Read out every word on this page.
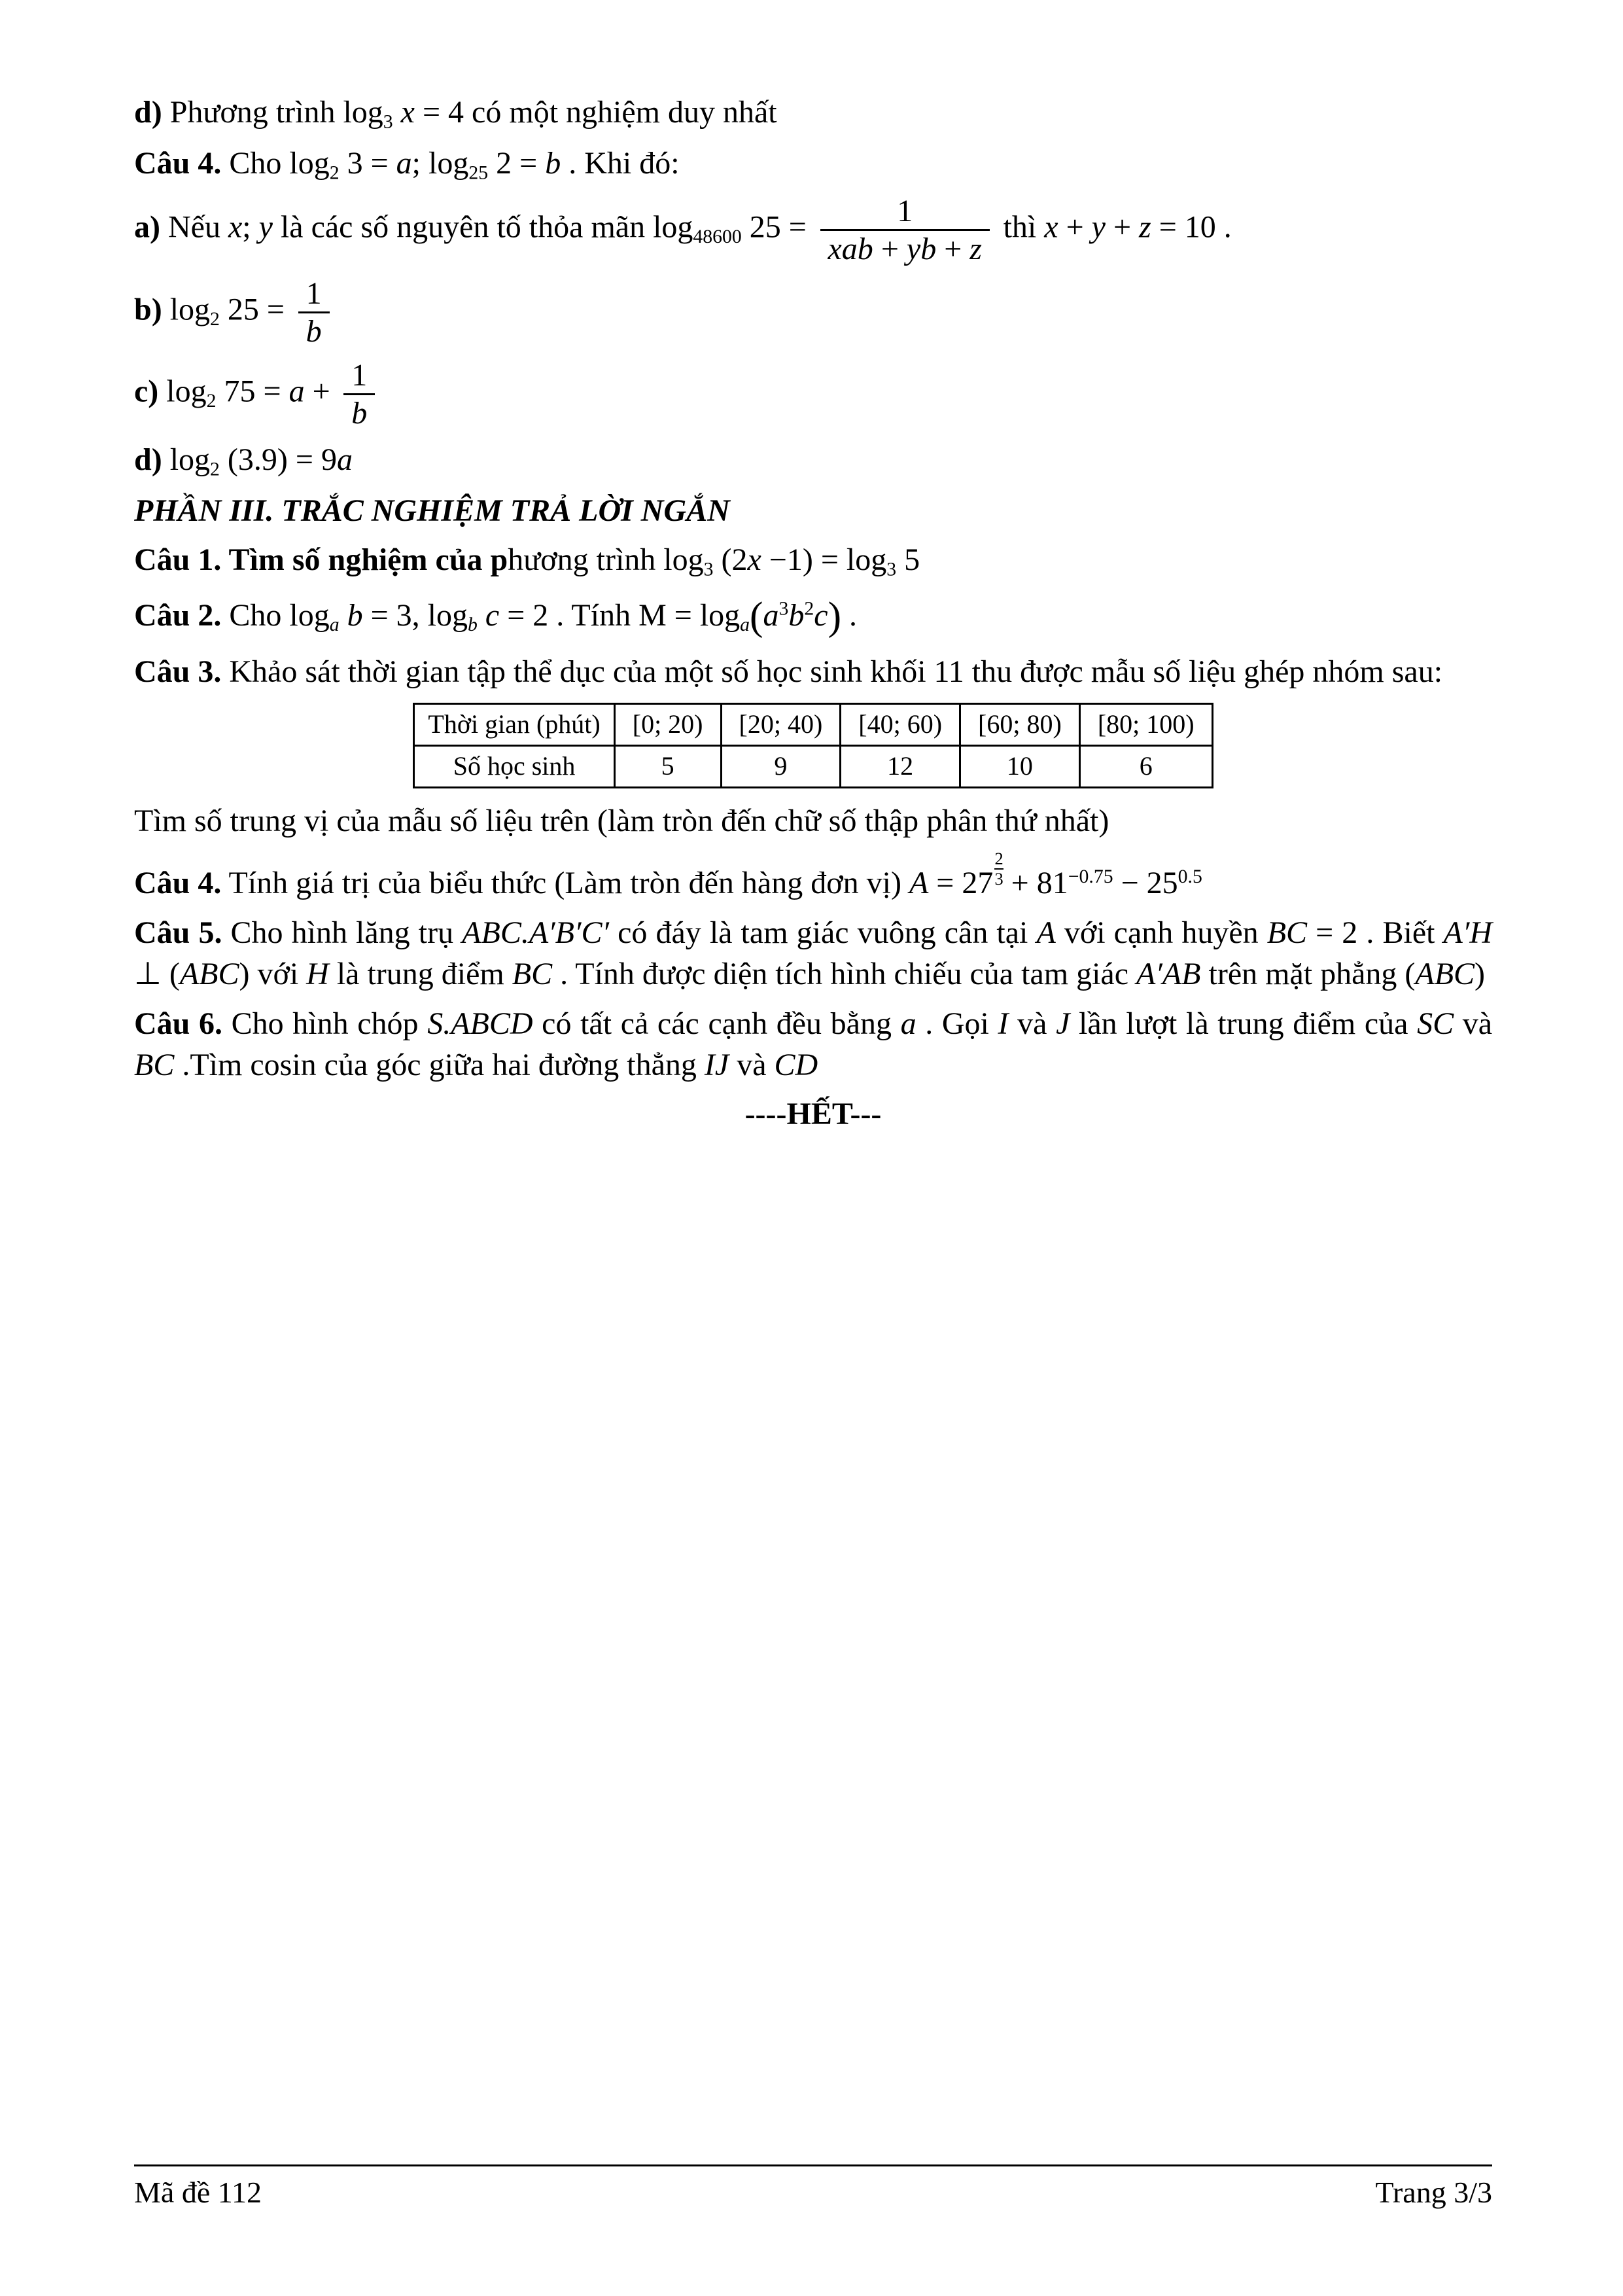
d) Phương trình log3 x = 4 có một nghiệm duy nhất

Câu 4. Cho log2 3 = a; log25 2 = b . Khi đó:

a) Nếu x; y là các số nguyên tố thỏa mãn log48600 $25 = \frac{1}{\text{xab + yb + z}}$ thì x + y + z = 10 .

b) log2 $25 = \frac{1}{b}$

c) log2 $75 = a + \frac{1}{b}$

d) log2 (3.9) = 9a

PHẦN III. TRẮC NGHIỆM TRẢ LỜI NGẮN

Câu 1. Tìm số nghiệm của phương trình log3 (2x −1) = log3 5

Câu 2. Cho loga b = 3, logb c = 2 . Tính $M = \log a(a^3b^2c)$ .

Câu 3. Khảo sát thời gian tập thể dục của một số học sinh khối 11 thu được mẫu số liệu ghép nhóm sau:

Thời gian (phút)	[0; 20)	[20; 40)	[40; 60)	[60; 80)	[80; 100)
Số học sinh	5	9	12	10	6

Tìm số trung vị của mẫu số liệu trên (làm tròn đến chữ số thập phân thứ nhất)

Câu 4. Tính giá trị của biểu thức (Làm tròn đến hàng đơn vị) $A = 27 \frac{2}{3} + 81^{-0.75} - 25^{0.5}$

Câu 5. Cho hình lăng trụ ABC.A′B′C′ có đáy là tam giác vuông cân tại A với cạnh huyền BC = 2 . Biết A′H ⊥ (ABC) với H là trung điểm BC . Tính được diện tích hình chiếu của tam giác A′AB trên mặt phẳng (ABC)

Câu 6. Cho hình chóp S.ABCD có tất cả các cạnh đều bằng a . Gọi I và J lần lượt là trung điểm của SC và BC .Tìm cosin của góc giữa hai đường thẳng IJ và CD

----HẾT---

Mã đề 112	Trang 3/3
